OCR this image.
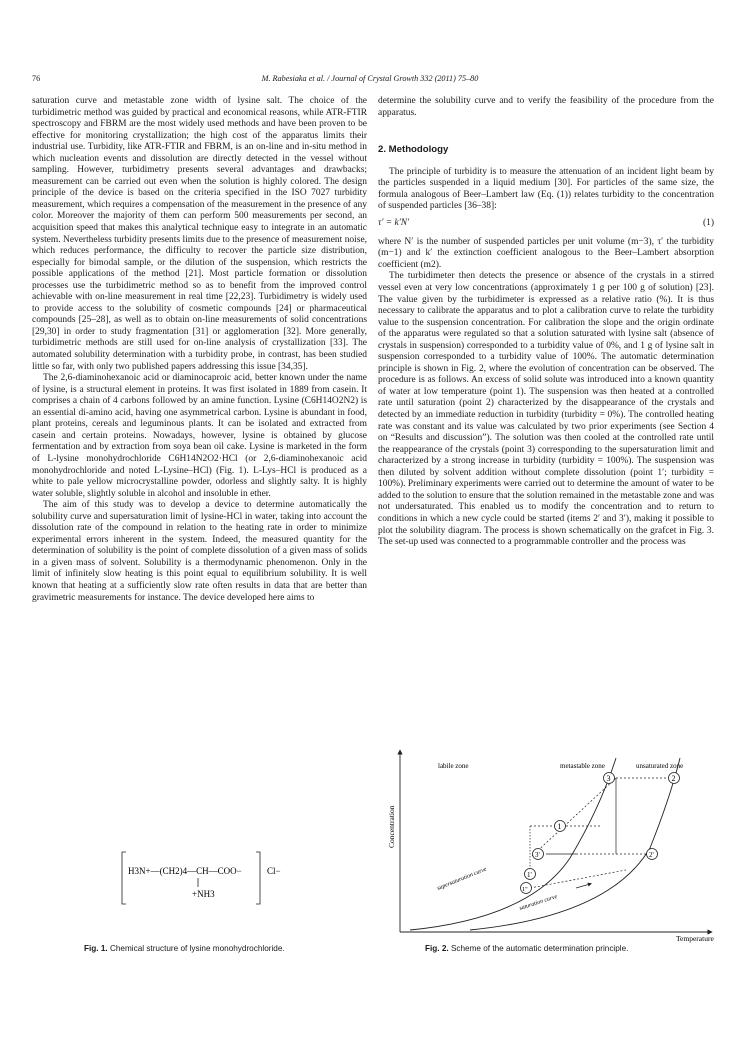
76	M. Rabesiaka et al. / Journal of Crystal Growth 332 (2011) 75–80

saturation curve and metastable zone width of lysine salt. The choice of the turbidimetric method was guided by practical and economical reasons, while ATR-FTIR spectroscopy and FBRM are the most widely used methods and have been proven to be effective for monitoring crystallization; the high cost of the apparatus limits their industrial use. Turbidity, like ATR-FTIR and FBRM, is an on-line and in-situ method in which nucleation events and dissolution are directly detected in the vessel without sampling. However, turbidimetry presents several advantages and drawbacks; measurement can be carried out even when the solution is highly colored. The design principle of the device is based on the criteria specified in the ISO 7027 turbidity measurement, which requires a compensation of the measurement in the presence of any color. Moreover the majority of them can perform 500 measurements per second, an acquisition speed that makes this analytical technique easy to integrate in an automatic system. Nevertheless turbidity presents limits due to the presence of measurement noise, which reduces performance, the difficulty to recover the particle size distribution, especially for bimodal sample, or the dilution of the suspension, which restricts the possible applications of the method [21]. Most particle formation or dissolution processes use the turbidimetric method so as to benefit from the improved control achievable with on-line measurement in real time [22,23]. Turbidimetry is widely used to provide access to the solubility of cosmetic compounds [24] or pharmaceutical compounds [25–28], as well as to obtain on-line measurements of solid concentrations [29,30] in order to study fragmentation [31] or agglomeration [32]. More generally, turbidimetric methods are still used for on-line analysis of crystallization [33]. The automated solubility determination with a turbidity probe, in contrast, has been studied little so far, with only two published papers addressing this issue [34,35].

The 2,6-diaminohexanoic acid or diaminocaproic acid, better known under the name of lysine, is a structural element in proteins. It was first isolated in 1889 from casein. It comprises a chain of 4 carbons followed by an amine function. Lysine (C6H14O2N2) is an essential di-amino acid, having one asymmetrical carbon. Lysine is abundant in food, plant proteins, cereals and leguminous plants. It can be isolated and extracted from casein and certain proteins. Nowadays, however, lysine is obtained by glucose fermentation and by extraction from soya bean oil cake. Lysine is marketed in the form of L-lysine monohydrochloride C6H14N2O2·HCl (or 2,6-diaminohexanoic acid monohydrochloride and noted L-Lysine–HCl) (Fig. 1). L-Lys–HCl is produced as a white to pale yellow microcrystalline powder, odorless and slightly salty. It is highly water soluble, slightly soluble in alcohol and insoluble in ether.

The aim of this study was to develop a device to determine automatically the solubility curve and supersaturation limit of lysine-HCl in water, taking into account the dissolution rate of the compound in relation to the heating rate in order to minimize experimental errors inherent in the system. Indeed, the measured quantity for the determination of solubility is the point of complete dissolution of a given mass of solids in a given mass of solvent. Solubility is a thermodynamic phenomenon. Only in the limit of infinitely slow heating is this point equal to equilibrium solubility. It is well known that heating at a sufficiently slow rate often results in data that are better than gravimetric measurements for instance. The device developed here aims to

determine the solubility curve and to verify the feasibility of the procedure from the apparatus.

2. Methodology

The principle of turbidity is to measure the attenuation of an incident light beam by the particles suspended in a liquid medium [30]. For particles of the same size, the formula analogous of Beer–Lambert law (Eq. (1)) relates turbidity to the concentration of suspended particles [36–38]:

τ′ = k′N′	(1)

where N′ is the number of suspended particles per unit volume (m−3), τ′ the turbidity (m−1) and k′ the extinction coefficient analogous to the Beer–Lambert absorption coefficient (m2).

The turbidimeter then detects the presence or absence of the crystals in a stirred vessel even at very low concentrations (approximately 1 g per 100 g of solution) [23]. The value given by the turbidimeter is expressed as a relative ratio (%). It is thus necessary to calibrate the apparatus and to plot a calibration curve to relate the turbidity value to the suspension concentration. For calibration the slope and the origin ordinate of the apparatus were regulated so that a solution saturated with lysine salt (absence of crystals in suspension) corresponded to a turbidity value of 0%, and 1 g of lysine salt in suspension corresponded to a turbidity value of 100%. The automatic determination principle is shown in Fig. 2, where the evolution of concentration can be observed. The procedure is as follows. An excess of solid solute was introduced into a known quantity of water at low temperature (point 1). The suspension was then heated at a controlled rate until saturation (point 2) characterized by the disappearance of the crystals and detected by an immediate reduction in turbidity (turbidity = 0%). The controlled heating rate was constant and its value was calculated by two prior experiments (see Section 4 on “Results and discussion”). The solution was then cooled at the controlled rate until the reappearance of the crystals (point 3) corresponding to the supersaturation limit and characterized by a strong increase in turbidity (turbidity = 100%). The suspension was then diluted by solvent addition without complete dissolution (point 1′; turbidity = 100%). Preliminary experiments were carried out to determine the amount of water to be added to the solution to ensure that the solution remained in the metastable zone and was not undersaturated. This enabled us to modify the concentration and to return to conditions in which a new cycle could be started (items 2′ and 3′), making it possible to plot the solubility diagram. The process is shown schematically on the grafcet in Fig. 3. The set-up used was connected to a programmable controller and the process was

H3N+—(CH2)4—CH—COO−
+NH3
Cl−
Fig. 1. Chemical structure of lysine monohydrochloride.
Concentration
Temperature
labile zone	metastable zone	unsaturated zone
supersaturation curve
saturation curve
3	2
3'
1
2'
1'
1''
Fig. 2. Scheme of the automatic determination principle.
